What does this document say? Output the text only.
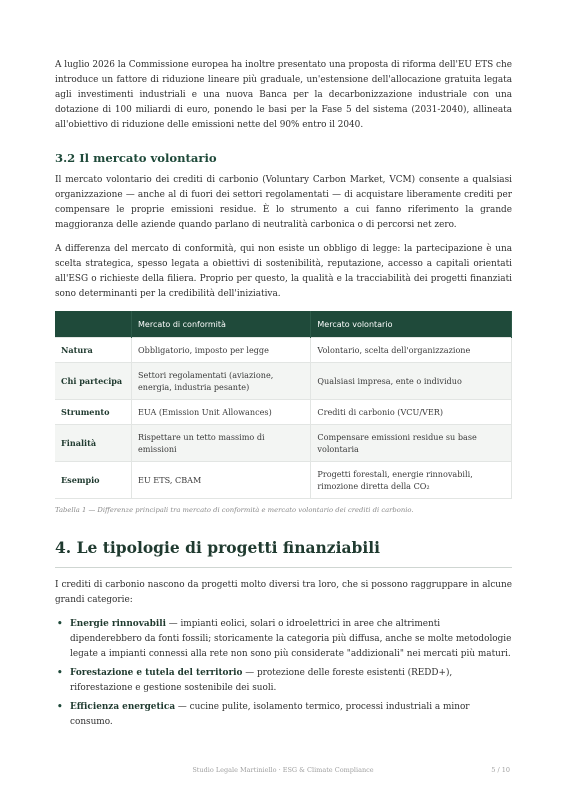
A luglio 2026 la Commissione europea ha inoltre presentato una proposta di riforma dell'EU ETS che introduce un fattore di riduzione lineare più graduale, un'estensione dell'allocazione gratuita legata agli investimenti industriali e una nuova Banca per la decarbonizzazione industriale con una dotazione di 100 miliardi di euro, ponendo le basi per la Fase 5 del sistema (2031-2040), allineata all'obiettivo di riduzione delle emissioni nette del 90% entro il 2040.

3.2 Il mercato volontario

Il mercato volontario dei crediti di carbonio (Voluntary Carbon Market, VCM) consente a qualsiasi organizzazione — anche al di fuori dei settori regolamentati — di acquistare liberamente crediti per compensare le proprie emissioni residue. È lo strumento a cui fanno riferimento la grande maggioranza delle aziende quando parlano di neutralità carbonica o di percorsi net zero.

A differenza del mercato di conformità, qui non esiste un obbligo di legge: la partecipazione è una scelta strategica, spesso legata a obiettivi di sostenibilità, reputazione, accesso a capitali orientati all'ESG o richieste della filiera. Proprio per questo, la qualità e la tracciabilità dei progetti finanziati sono determinanti per la credibilità dell'iniziativa.

	Mercato di conformità	Mercato volontario
Natura	Obbligatorio, imposto per legge	Volontario, scelta dell'organizzazione
Chi partecipa	Settori regolamentati (aviazione, energia, industria pesante)	Qualsiasi impresa, ente o individuo
Strumento	EUA (Emission Unit Allowances)	Crediti di carbonio (VCU/VER)
Finalità	Rispettare un tetto massimo di emissioni	Compensare emissioni residue su base volontaria
Esempio	EU ETS, CBAM	Progetti forestali, energie rinnovabili, rimozione diretta della CO₂

Tabella 1 — Differenze principali tra mercato di conformità e mercato volontario dei crediti di carbonio.

4. Le tipologie di progetti finanziabili

I crediti di carbonio nascono da progetti molto diversi tra loro, che si possono raggruppare in alcune grandi categorie:

• Energie rinnovabili — impianti eolici, solari o idroelettrici in aree che altrimenti dipenderebbero da fonti fossili; storicamente la categoria più diffusa, anche se molte metodologie legate a impianti connessi alla rete non sono più considerate "addizionali" nei mercati più maturi.
• Forestazione e tutela del territorio — protezione delle foreste esistenti (REDD+), riforestazione e gestione sostenibile dei suoli.
• Efficienza energetica — cucine pulite, isolamento termico, processi industriali a minor consumo.
Studio Legale Martiniello · ESG & Climate Compliance	5 / 10
